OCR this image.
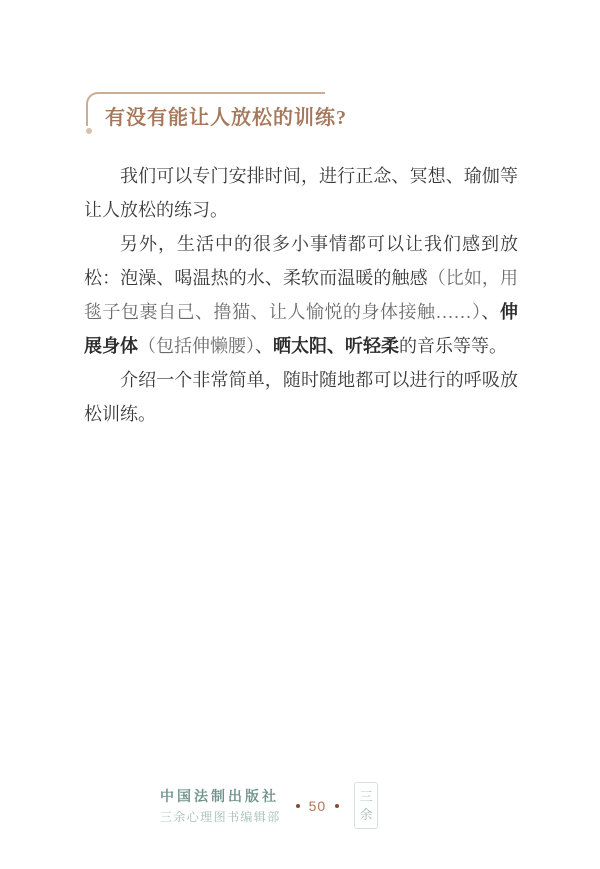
有没有能让人放松的训练?

我们可以专门安排时间，进行正念、冥想、瑜伽等让人放松的练习。

另外，生活中的很多小事情都可以让我们感到放松：泡澡、喝温热的水、柔软而温暖的触感（比如，用毯子包裹自己、撸猫、让人愉悦的身体接触……）、伸展身体（包括伸懒腰）、晒太阳、听轻柔的音乐等等。

介绍一个非常简单，随时随地都可以进行的呼吸放松训练。

中国法制出版社
三余心理图书编辑部
50
三
余
